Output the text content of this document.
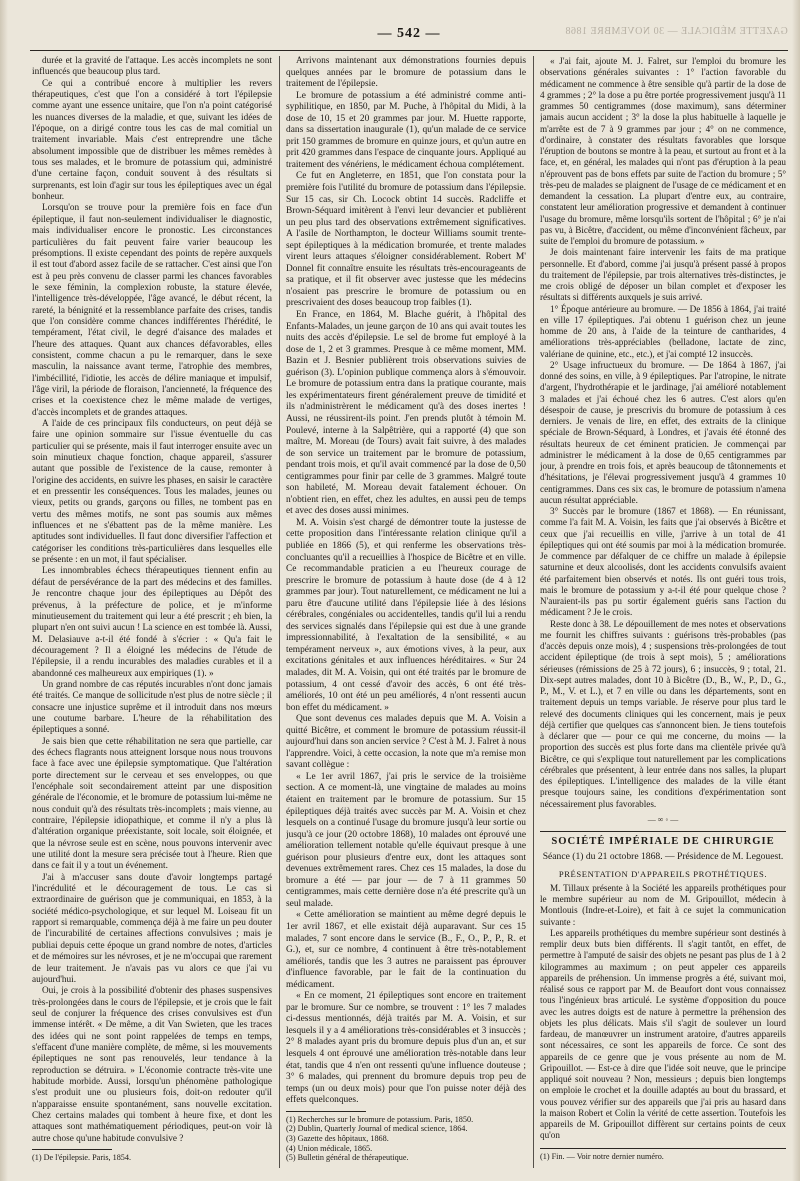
— 542 —	GAZETTE MÉDICALE — 30 NOVEMBRE 1868

durée et la gravité de l'attaque. Les accès incomplets ne sont influencés que beaucoup plus tard.

Ce qui a contribué encore à multiplier les revers thérapeutiques, c'est que l'on a considéré à tort l'épilepsie comme ayant une essence unitaire, que l'on n'a point catégorisé les nuances diverses de la maladie, et que, suivant les idées de l'époque, on a dirigé contre tous les cas de mal comitial un traitement invariable. Mais c'est entreprendre une tâche absolument impossible que de distribuer les mêmes remèdes à tous ses malades, et le bromure de potassium qui, administré d'une certaine façon, conduit souvent à des résultats si surprenants, est loin d'agir sur tous les épileptiques avec un égal bonheur.

Lorsqu'on se trouve pour la première fois en face d'un épileptique, il faut non-seulement individualiser le diagnostic, mais individualiser encore le pronostic. Les circonstances particulières du fait peuvent faire varier beaucoup les présomptions. Il existe cependant des points de repère auxquels il est tout d'abord assez facile de se rattacher. C'est ainsi que l'on est à peu près convenu de classer parmi les chances favorables le sexe féminin, la complexion robuste, la stature élevée, l'intelligence très-développée, l'âge avancé, le début récent, la rareté, la bénignité et la ressemblance parfaite des crises, tandis que l'on considère comme chances indifférentes l'hérédité, le tempérament, l'état civil, le degré d'aisance des malades et l'heure des attaques. Quant aux chances défavorables, elles consistent, comme chacun a pu le remarquer, dans le sexe masculin, la naissance avant terme, l'atrophie des membres, l'imbécillité, l'idiotie, les accès de délire maniaque et impulsif, l'âge viril, la période de floraison, l'ancienneté, la fréquence des crises et la coexistence chez le même malade de vertiges, d'accès incomplets et de grandes attaques.

A l'aide de ces principaux fils conducteurs, on peut déjà se faire une opinion sommaire sur l'issue éventuelle du cas particulier qui se présente, mais il faut interroger ensuite avec un soin minutieux chaque fonction, chaque appareil, s'assurer autant que possible de l'existence de la cause, remonter à l'origine des accidents, en suivre les phases, en saisir le caractère et en pressentir les conséquences. Tous les malades, jeunes ou vieux, petits ou grands, garçons ou filles, ne tombent pas en vertu des mêmes motifs, ne sont pas soumis aux mêmes influences et ne s'ébattent pas de la même manière. Les aptitudes sont individuelles. Il faut donc diversifier l'affection et catégoriser les conditions très-particulières dans lesquelles elle se présente : en un mot, il faut spécialiser.

Les innombrables échecs thérapeutiques tiennent enfin au défaut de persévérance de la part des médecins et des familles. Je rencontre chaque jour des épileptiques au Dépôt des prévenus, à la préfecture de police, et je m'informe minutieusement du traitement qui leur a été prescrit ; eh bien, la plupart n'en ont suivi aucun ! La science en est tombée là. Aussi, M. Delasiauve a-t-il été fondé à s'écrier : « Qu'a fait le découragement ? Il a éloigné les médecins de l'étude de l'épilepsie, il a rendu incurables des maladies curables et il a abandonné ces malheureux aux empiriques (1). »

Un grand nombre de cas réputés incurables n'ont donc jamais été traités. Ce manque de sollicitude n'est plus de notre siècle ; il consacre une injustice suprême et il introduit dans nos mœurs une coutume barbare. L'heure de la réhabilitation des épileptiques a sonné.

Je sais bien que cette réhabilitation ne sera que partielle, car des échecs flagrants nous atteignent lorsque nous nous trouvons face à face avec une épilepsie symptomatique. Que l'altération porte directement sur le cerveau et ses enveloppes, ou que l'encéphale soit secondairement atteint par une disposition générale de l'économie, et le bromure de potassium lui-même ne nous conduit qu'à des résultats très-incomplets ; mais vienne, au contraire, l'épilepsie idiopathique, et comme il n'y a plus là d'altération organique préexistante, soit locale, soit éloignée, et que la névrose seule est en scène, nous pouvons intervenir avec une utilité dont la mesure sera précisée tout à l'heure. Rien que dans ce fait il y a tout un événement.

J'ai à m'accuser sans doute d'avoir longtemps partagé l'incrédulité et le découragement de tous. Le cas si extraordinaire de guérison que je communiquai, en 1853, à la société médico-psychologique, et sur lequel M. Loiseau fit un rapport si remarquable, commença déjà à me faire un peu douter de l'incurabilité de certaines affections convulsives ; mais je publiai depuis cette époque un grand nombre de notes, d'articles et de mémoires sur les névroses, et je ne m'occupai que rarement de leur traitement. Je n'avais pas vu alors ce que j'ai vu aujourd'hui.

Oui, je crois à la possibilité d'obtenir des phases suspensives très-prolongées dans le cours de l'épilepsie, et je crois que le fait seul de conjurer la fréquence des crises convulsives est d'un immense intérêt. « De même, a dit Van Swieten, que les traces des idées qui ne sont point rappelées de temps en temps, s'effacent d'une manière complète, de même, si les mouvements épileptiques ne sont pas renouvelés, leur tendance à la reproduction se détruira. » L'économie contracte très-vite une habitude morbide. Aussi, lorsqu'un phénomène pathologique s'est produit une ou plusieurs fois, doit-on redouter qu'il n'apparaisse ensuite spontanément, sans nouvelle excitation. Chez certains malades qui tombent à heure fixe, et dont les attaques sont mathématiquement périodiques, peut-on voir là autre chose qu'une habitude convulsive ?

(1) De l'épilepsie. Paris, 1854.

Arrivons maintenant aux démonstrations fournies depuis quelques années par le bromure de potassium dans le traitement de l'épilepsie.

Le bromure de potassium a été administré comme anti-syphilitique, en 1850, par M. Puche, à l'hôpital du Midi, à la dose de 10, 15 et 20 grammes par jour. M. Huette rapporte, dans sa dissertation inaugurale (1), qu'un malade de ce service prit 150 grammes de bromure en quinze jours, et qu'un autre en prit 420 grammes dans l'espace de cinquante jours. Appliqué au traitement des vénériens, le médicament échoua complétement.

Ce fut en Angleterre, en 1851, que l'on constata pour la première fois l'utilité du bromure de potassium dans l'épilepsie. Sur 15 cas, sir Ch. Locock obtint 14 succès. Radcliffe et Brown-Séquard imitèrent à l'envi leur devancier et publièrent un peu plus tard des observations extrêmement significatives. A l'asile de Northampton, le docteur Williams soumit trente-sept épileptiques à la médication bromurée, et trente malades virent leurs attaques s'éloigner considérablement. Robert M' Donnel fit connaître ensuite les résultats très-encourageants de sa pratique, et il fit observer avec justesse que les médecins n'osaient pas prescrire le bromure de potassium ou en prescrivaient des doses beaucoup trop faibles (1).

En France, en 1864, M. Blache guérit, à l'hôpital des Enfants-Malades, un jeune garçon de 10 ans qui avait toutes les nuits des accès d'épilepsie. Le sel de brome fut employé à la dose de 1, 2 et 3 grammes. Presque à ce même moment, MM. Bazin et J. Besnier publièrent trois observations suivies de guérison (3). L'opinion publique commença alors à s'émouvoir. Le bromure de potassium entra dans la pratique courante, mais les expérimentateurs firent généralement preuve de timidité et ils n'administrèrent le médicament qu'à des doses inertes ! Aussi, ne réussirent-ils point. J'en prends plutôt à témoin M. Poulevé, interne à la Salpêtrière, qui a rapporté (4) que son maître, M. Moreau (de Tours) avait fait suivre, à des malades de son service un traitement par le bromure de potassium, pendant trois mois, et qu'il avait commencé par la dose de 0,50 centigrammes pour finir par celle de 3 grammes. Malgré toute son habileté, M. Moreau devait fatalement échouer. On n'obtient rien, en effet, chez les adultes, en aussi peu de temps et avec des doses aussi minimes.

M. A. Voisin s'est chargé de démontrer toute la justesse de cette proposition dans l'intéressante relation clinique qu'il a publiée en 1866 (5), et qui renferme les observations très-concluantes qu'il a recueillies à l'hospice de Bicêtre et en ville. Ce recommandable praticien a eu l'heureux courage de prescrire le bromure de potassium à haute dose (de 4 à 12 grammes par jour). Tout naturellement, ce médicament ne lui a paru être d'aucune utilité dans l'épilepsie liée à des lésions cérébrales, congéniales ou accidentelles, tandis qu'il lui a rendu des services signalés dans l'épilepsie qui est due à une grande impressionnabilité, à l'exaltation de la sensibilité, « au tempérament nerveux », aux émotions vives, à la peur, aux excitations génitales et aux influences héréditaires. « Sur 24 malades, dit M. A. Voisin, qui ont été traités par le bromure de potassium, 4 ont cessé d'avoir des accès, 6 ont été très-améliorés, 10 ont été un peu améliorés, 4 n'ont ressenti aucun bon effet du médicament. »

Que sont devenus ces malades depuis que M. A. Voisin a quitté Bicêtre, et comment le bromure de potassium réussit-il aujourd'hui dans son ancien service ? C'est à M. J. Falret à nous l'apprendre. Voici, à cette occasion, la note que m'a remise mon savant collègue :

« Le 1er avril 1867, j'ai pris le service de la troisième section. A ce moment-là, une vingtaine de malades au moins étaient en traitement par le bromure de potassium. Sur 15 épileptiques déjà traités avec succès par M. A. Voisin et chez lesquels on a continué l'usage du bromure jusqu'à leur sortie ou jusqu'à ce jour (20 octobre 1868), 10 malades ont éprouvé une amélioration tellement notable qu'elle équivaut presque à une guérison pour plusieurs d'entre eux, dont les attaques sont devenues extrêmement rares. Chez ces 15 malades, la dose du bromure a été — par jour — de 7 à 11 grammes 50 centigrammes, mais cette dernière dose n'a été prescrite qu'à un seul malade.

« Cette amélioration se maintient au même degré depuis le 1er avril 1867, et elle existait déjà auparavant. Sur ces 15 malades, 7 sont encore dans le service (B., F., O., P., P., R. et G.), et, sur ce nombre, 4 continuent à être très-notablement améliorés, tandis que les 3 autres ne paraissent pas éprouver d'influence favorable, par le fait de la continuation du médicament.

« En ce moment, 21 épileptiques sont encore en traitement par le bromure. Sur ce nombre, se trouvent : 1° les 7 malades ci-dessus mentionnés, déjà traités par M. A. Voisin, et sur lesquels il y a 4 améliorations très-considérables et 3 insuccès ; 2° 8 malades ayant pris du bromure depuis plus d'un an, et sur lesquels 4 ont éprouvé une amélioration très-notable dans leur état, tandis que 4 n'en ont ressenti qu'une influence douteuse ; 3° 6 malades, qui prennent du bromure depuis trop peu de temps (un ou deux mois) pour que l'on puisse noter déjà des effets quelconques.

(1) Recherches sur le bromure de potassium. Paris, 1850.

(2) Dublin, Quarterly Journal of medical science, 1864.

(3) Gazette des hôpitaux, 1868.

(4) Union médicale, 1865.

(5) Bulletin général de thérapeutique.

« J'ai fait, ajoute M. J. Falret, sur l'emploi du bromure les observations générales suivantes : 1° l'action favorable du médicament ne commence à être sensible qu'à partir de la dose de 4 grammes ; 2° la dose a pu être portée progressivement jusqu'à 11 grammes 50 centigrammes (dose maximum), sans déterminer jamais aucun accident ; 3° la dose la plus habituelle à laquelle je m'arrête est de 7 à 9 grammes par jour ; 4° on ne commence, d'ordinaire, à constater des résultats favorables que lorsque l'éruption de boutons se montre à la peau, et surtout au front et à la face, et, en général, les malades qui n'ont pas d'éruption à la peau n'éprouvent pas de bons effets par suite de l'action du bromure ; 5° très-peu de malades se plaignent de l'usage de ce médicament et en demandent la cessation. La plupart d'entre eux, au contraire, constatent leur amélioration progressive et demandent à continuer l'usage du bromure, même lorsqu'ils sortent de l'hôpital ; 6° je n'ai pas vu, à Bicêtre, d'accident, ou même d'inconvénient fâcheux, par suite de l'emploi du bromure de potassium. »

Je dois maintenant faire intervenir les faits de ma pratique personnelle. Et d'abord, comme j'ai jusqu'à présent passé à propos du traitement de l'épilepsie, par trois alternatives très-distinctes, je me crois obligé de déposer un bilan complet et d'exposer les résultats si différents auxquels je suis arrivé.

1° Époque antérieure au bromure. — De 1856 à 1864, j'ai traité en ville 17 épileptiques. J'ai obtenu 1 guérison chez un jeune homme de 20 ans, à l'aide de la teinture de cantharides, 4 améliorations très-appréciables (belladone, lactate de zinc, valériane de quinine, etc., etc.), et j'ai compté 12 insuccès.

2° Usage infructueux du bromure. — De 1864 à 1867, j'ai donné des soins, en ville, à 9 épileptiques. Par l'atropine, le nitrate d'argent, l'hydrothérapie et le jardinage, j'ai amélioré notablement 3 malades et j'ai échoué chez les 6 autres. C'est alors qu'en désespoir de cause, je prescrivis du bromure de potassium à ces derniers. Je venais de lire, en effet, des extraits de la clinique spéciale de Brown-Séquard, à Londres, et j'avais été étonné des résultats heureux de cet éminent praticien. Je commençai par administrer le médicament à la dose de 0,65 centigrammes par jour, à prendre en trois fois, et après beaucoup de tâtonnements et d'hésitations, je l'élevai progressivement jusqu'à 4 grammes 10 centigrammes. Dans ces six cas, le bromure de potassium n'amena aucun résultat appréciable.

3° Succès par le bromure (1867 et 1868). — En réunissant, comme l'a fait M. A. Voisin, les faits que j'ai observés à Bicêtre et ceux que j'ai recueillis en ville, j'arrive à un total de 41 épileptiques qui ont été soumis par moi à la médication bromurée. Je commence par défalquer de ce chiffre un malade à épilepsie saturnine et deux alcoolisés, dont les accidents convulsifs avaient été parfaitement bien observés et notés. Ils ont guéri tous trois, mais le bromure de potassium y a-t-il été pour quelque chose ? N'auraient-ils pas pu sortir également guéris sans l'action du médicament ? Je le crois.

Reste donc à 38. Le dépouillement de mes notes et observations me fournit les chiffres suivants : guérisons très-probables (pas d'accès depuis onze mois), 4 ; suspensions très-prolongées de tout accident épileptique (de trois à sept mois), 5 ; améliorations sérieuses (rémissions de 25 à 72 jours), 6 ; insuccès, 9 ; total, 21. Dix-sept autres malades, dont 10 à Bicêtre (D., B., W., P., D., G., P., M., V. et L.), et 7 en ville ou dans les départements, sont en traitement depuis un temps variable. Je réserve pour plus tard le relevé des documents cliniques qui les concernent, mais je peux déjà certifier que quelques cas s'annoncent bien. Je tiens toutefois à déclarer que — pour ce qui me concerne, du moins — la proportion des succès est plus forte dans ma clientèle privée qu'à Bicêtre, ce qui s'explique tout naturellement par les complications cérébrales que présentent, à leur entrée dans nos salles, la plupart des épileptiques. L'intelligence des malades de la ville étant presque toujours saine, les conditions d'expérimentation sont nécessairement plus favorables.

— ∞ ◦ —

SOCIÉTÉ IMPÉRIALE DE CHIRURGIE

Séance (1) du 21 octobre 1868. — Présidence de M. Legouest.

PRÉSENTATION D'APPAREILS PROTHÉTIQUES.

M. Tillaux présente à la Société les appareils prothétiques pour le membre supérieur au nom de M. Gripouillot, médecin à Montlouis (Indre-et-Loire), et fait à ce sujet la communication suivante :

Les appareils prothétiques du membre supérieur sont destinés à remplir deux buts bien différents. Il s'agit tantôt, en effet, de permettre à l'amputé de saisir des objets ne pesant pas plus de 1 à 2 kilogrammes au maximum ; on peut appeler ces appareils appareils de préhension. Un immense progrès a été, suivant moi, réalisé sous ce rapport par M. de Beaufort dont vous connaissez tous l'ingénieux bras articulé. Le système d'opposition du pouce avec les autres doigts est de nature à permettre la préhension des objets les plus délicats. Mais s'il s'agit de soulever un lourd fardeau, de manœuvrer un instrument aratoire, d'autres appareils sont nécessaires, ce sont les appareils de force. Ce sont des appareils de ce genre que je vous présente au nom de M. Gripouillot. — Est-ce à dire que l'idée soit neuve, que le principe appliqué soit nouveau ? Non, messieurs ; depuis bien longtemps on emploie le crochet et la douille adaptés au bout du brassard, et vous pouvez vérifier sur des appareils que j'ai pris au hasard dans la maison Robert et Colin la vérité de cette assertion. Toutefois les appareils de M. Gripouillot diffèrent sur certains points de ceux qu'on

(1) Fin. — Voir notre dernier numéro.
